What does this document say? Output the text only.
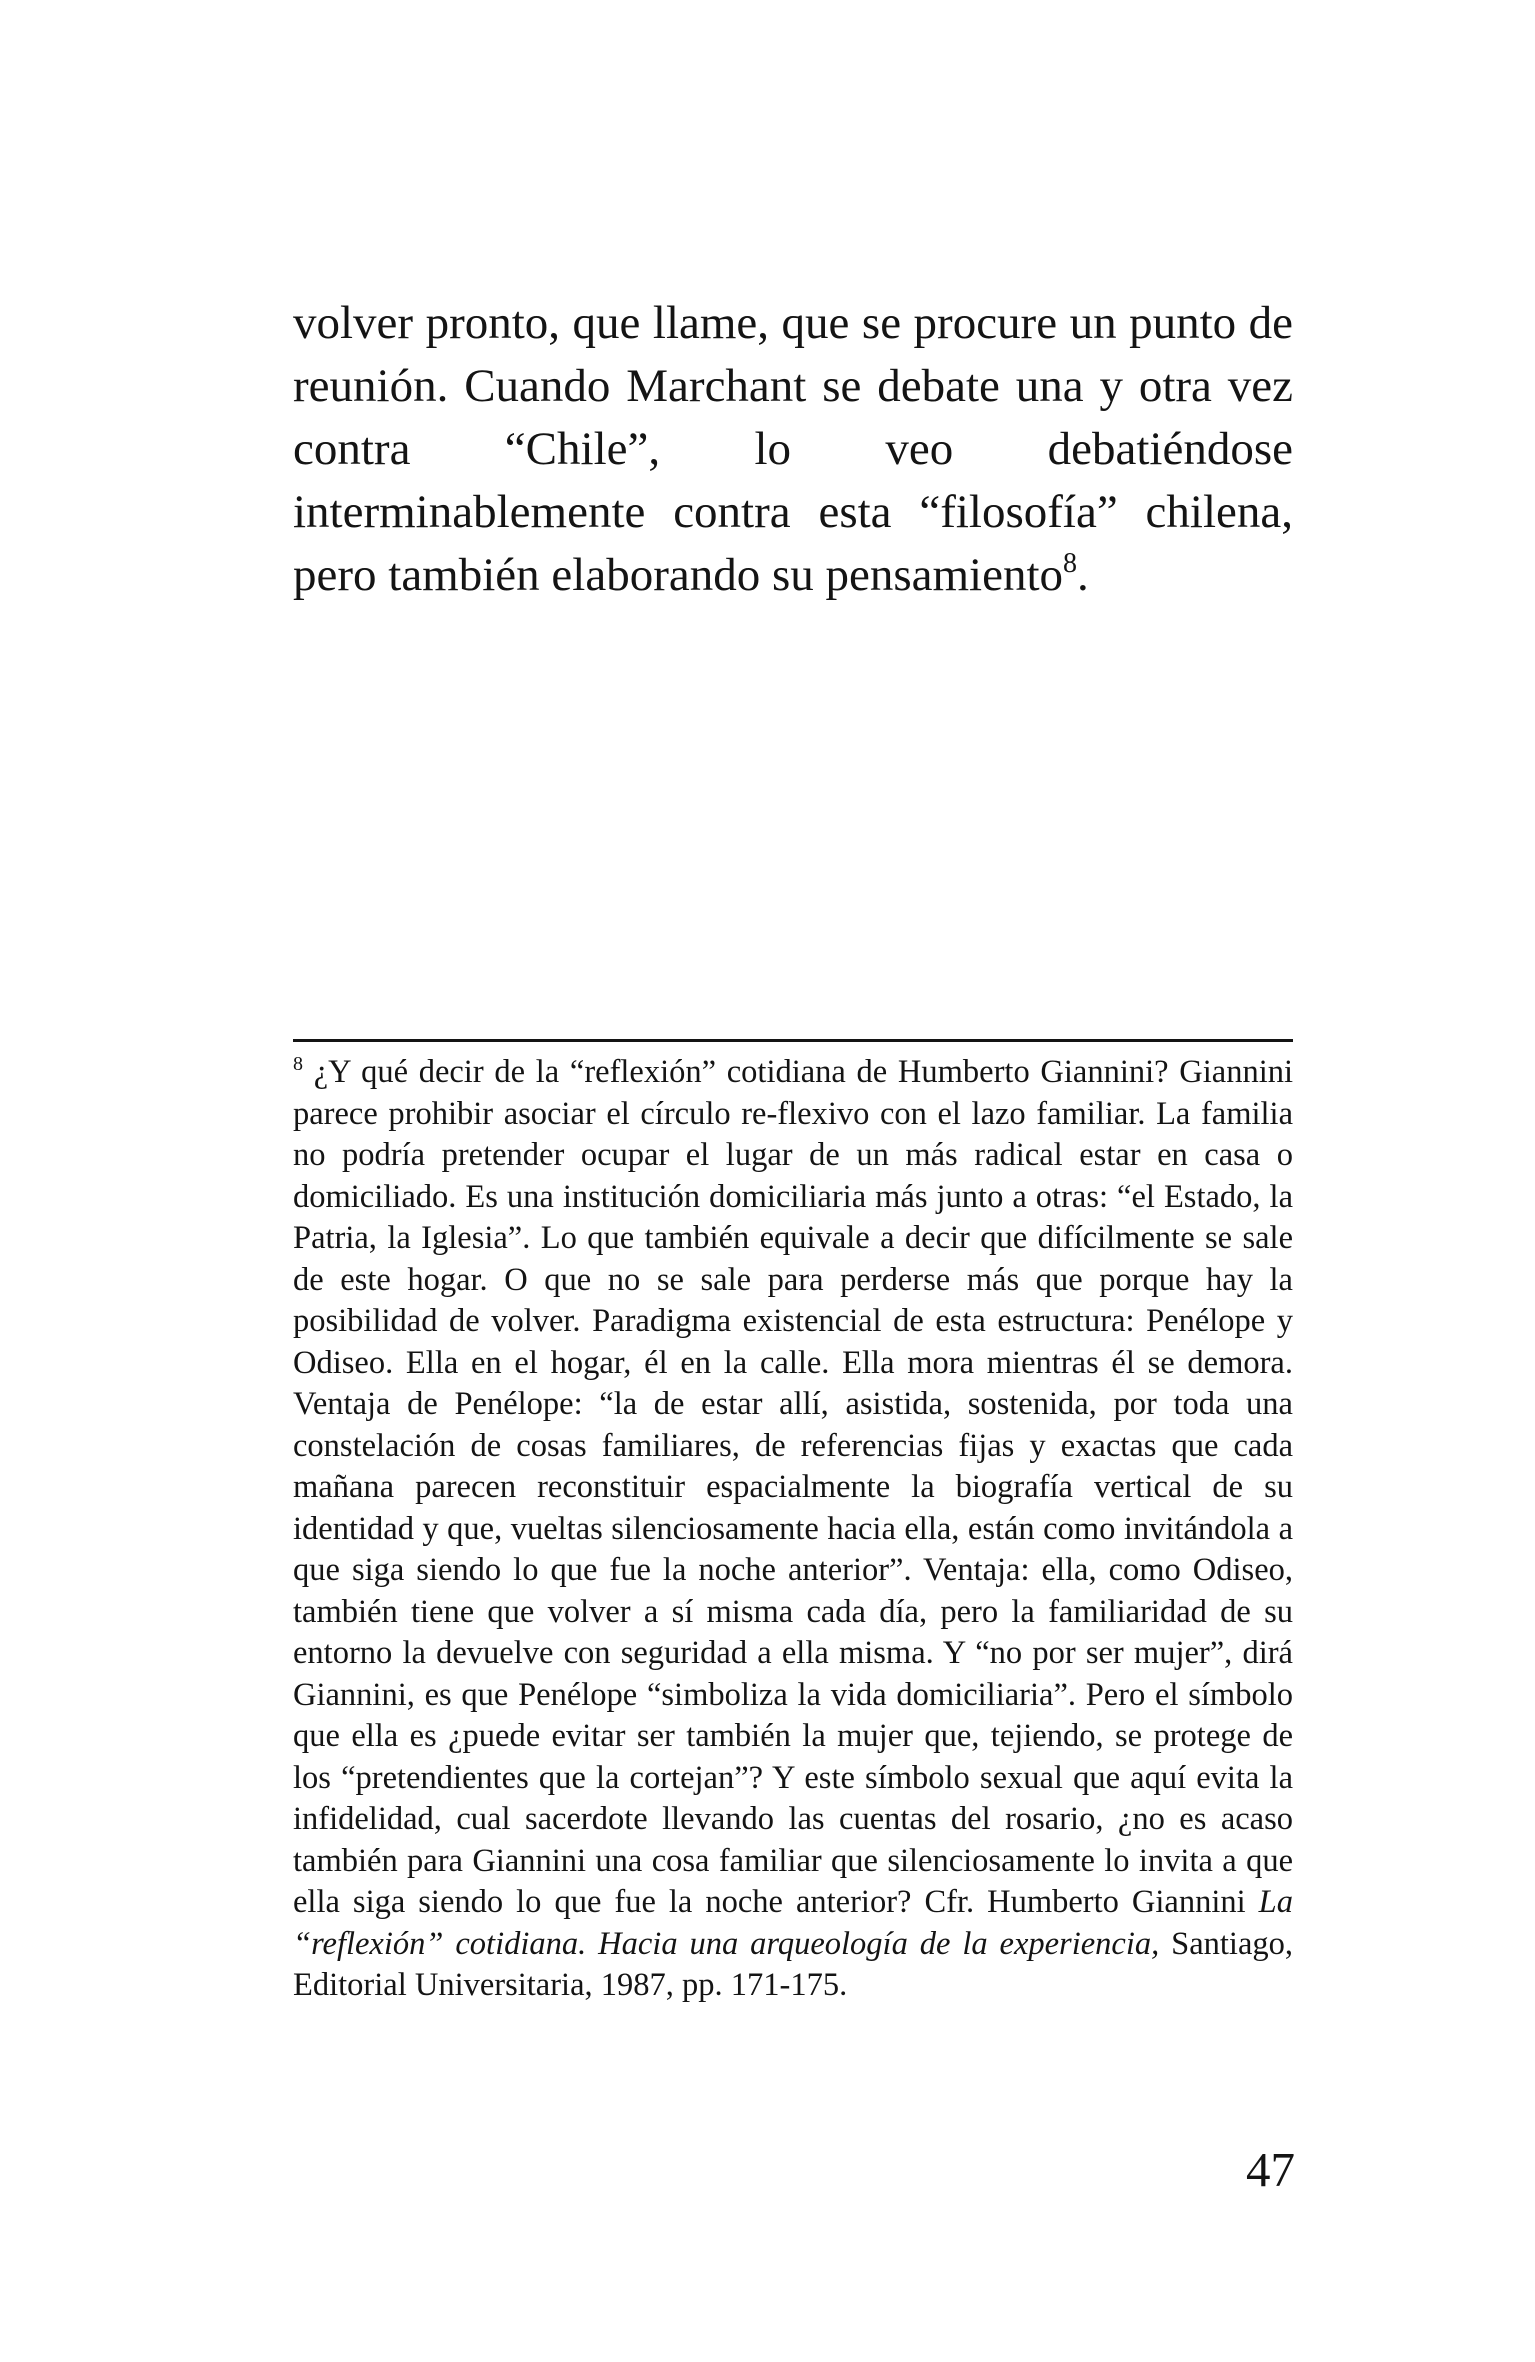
volver pronto, que llame, que se procure un punto de reunión. Cuando Marchant se debate una y otra vez contra “Chile”, lo veo debatiéndose interminablemente contra esta “filosofía” chilena, pero también elaborando su pensamiento$^8$.

$^8$ ¿Y qué decir de la “reflexión” cotidiana de Humberto Giannini? Giannini parece prohibir asociar el círculo re-flexivo con el lazo familiar. La familia no podría pretender ocupar el lugar de un más radical estar en casa o domiciliado. Es una institución domiciliaria más junto a otras: “el Estado, la Patria, la Iglesia”. Lo que también equivale a decir que difícilmente se sale de este hogar. O que no se sale para perderse más que porque hay la posibilidad de volver. Paradigma existencial de esta estructura: Penélope y Odiseo. Ella en el hogar, él en la calle. Ella mora mientras él se demora. Ventaja de Penélope: “la de estar allí, asistida, sostenida, por toda una constelación de cosas familiares, de referencias fijas y exactas que cada mañana parecen reconstituir espacialmente la biografía vertical de su identidad y que, vueltas silenciosamente hacia ella, están como invitándola a que siga siendo lo que fue la noche anterior”. Ventaja: ella, como Odiseo, también tiene que volver a sí misma cada día, pero la familiaridad de su entorno la devuelve con seguridad a ella misma. Y “no por ser mujer”, dirá Giannini, es que Penélope “simboliza la vida domiciliaria”. Pero el símbolo que ella es ¿puede evitar ser también la mujer que, tejiendo, se protege de los “pretendientes que la cortejan”? Y este símbolo sexual que aquí evita la infidelidad, cual sacerdote llevando las cuentas del rosario, ¿no es acaso también para Giannini una cosa familiar que silenciosamente lo invita a que ella siga siendo lo que fue la noche anterior? Cfr. Humberto Giannini La “reflexión” cotidiana. Hacia una arqueología de la experiencia, Santiago, Editorial Universitaria, 1987, pp. 171-175.

47
